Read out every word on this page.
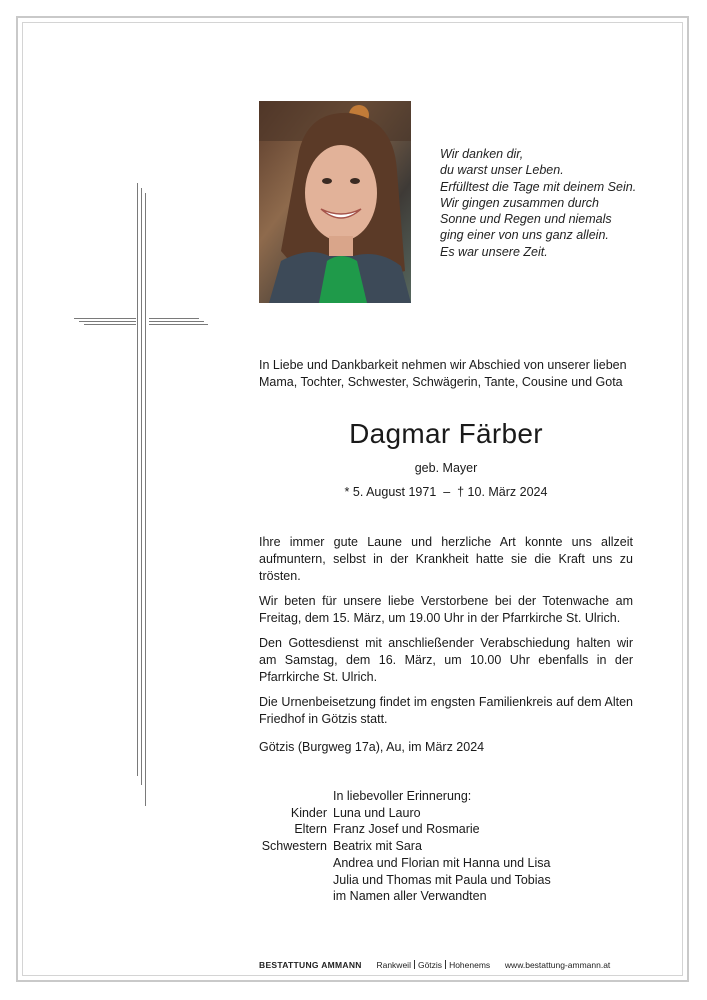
Wir danken dir,
du warst unser Leben.
Erfülltest die Tage mit deinem Sein.
Wir gingen zusammen durch
Sonne und Regen und niemals
ging einer von uns ganz allein.
Es war unsere Zeit.
In Liebe und Dankbarkeit nehmen wir Abschied von unserer lieben
Mama, Tochter, Schwester, Schwägerin, Tante, Cousine und Gota
Dagmar Färber
geb. Mayer
* 5. August 1971  –  † 10. März 2024

Ihre immer gute Laune und herzliche Art konnte uns allzeit aufmuntern, selbst in der Krankheit hatte sie die Kraft uns zu trösten.

Wir beten für unsere liebe Verstorbene bei der Totenwache am Freitag, dem 15. März, um 19.00 Uhr in der Pfarrkirche St. Ulrich.

Den Gottesdienst mit anschließender Verabschiedung halten wir am Samstag, dem 16. März, um 10.00 Uhr ebenfalls in der Pfarrkirche St. Ulrich.

Die Urnenbeisetzung findet im engsten Familienkreis auf dem Alten Friedhof in Götzis statt.

Götzis (Burgweg 17a), Au, im März 2024
In liebevoller Erinnerung:
Kinder Luna und Lauro
Eltern Franz Josef und Rosmarie
Schwestern Beatrix mit Sara
Andrea und Florian mit Hanna und Lisa
Julia und Thomas mit Paula und Tobias
im Namen aller Verwandten
BESTATTUNG AMMANN Rankweil Götzis Hohenems www.bestattung-ammann.at
